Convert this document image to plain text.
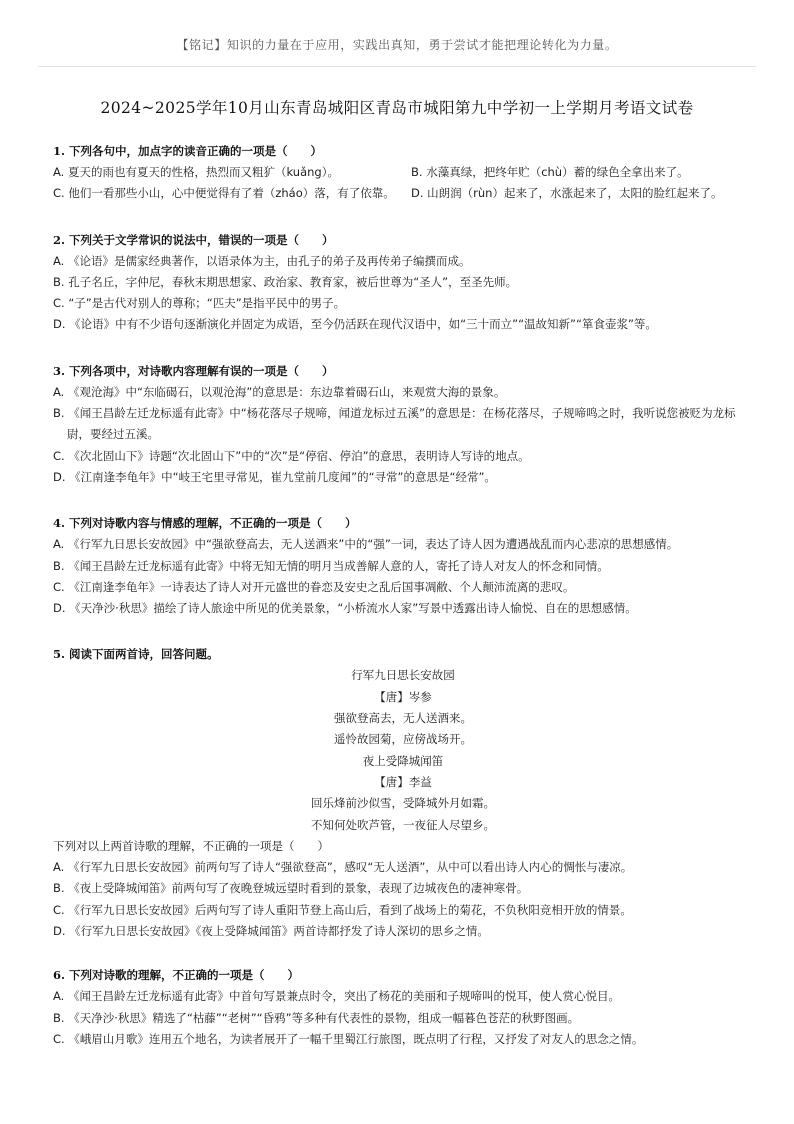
【铭记】知识的力量在于应用，实践出真知，勇于尝试才能把理论转化为力量。
2024~2025学年10月山东青岛城阳区青岛市城阳第九中学初一上学期月考语文试卷
1. 下列各句中，加点字的读音正确的一项是（　　）
A. 夏天的雨也有夏天的性格，热烈而又粗犷（kuǎng）。	B. 水藻真绿，把终年贮（chù）蓄的绿色全拿出来了。
C. 他们一看那些小山，心中便觉得有了着（zháo）落，有了依靠。 D. 山朗润（rùn）起来了，水涨起来了，太阳的脸红起来了。
2. 下列关于文学常识的说法中，错误的一项是（　　）
A. 《论语》是儒家经典著作，以语录体为主，由孔子的弟子及再传弟子编撰而成。
B. 孔子名丘，字仲尼，春秋末期思想家、政治家、教育家，被后世尊为“圣人”，至圣先师。
C. “子”是古代对别人的尊称；“匹夫”是指平民中的男子。
D. 《论语》中有不少语句逐渐演化并固定为成语，至今仍活跃在现代汉语中，如“三十而立”“温故知新”“箪食壶浆”等。
3. 下列各项中，对诗歌内容理解有误的一项是（　　）
A. 《观沧海》中“东临碣石，以观沧海”的意思是：东边靠着碣石山，来观赏大海的景象。
B. 《闻王昌龄左迁龙标遥有此寄》中“杨花落尽子规啼，闻道龙标过五溪”的意思是：在杨花落尽，子规啼鸣之时，我听说您被贬为龙标尉，要经过五溪。
C. 《次北固山下》诗题“次北固山下”中的“次”是“停宿、停泊”的意思，表明诗人写诗的地点。
D. 《江南逢李龟年》中“岐王宅里寻常见，崔九堂前几度闻”的“寻常”的意思是“经常”。
4. 下列对诗歌内容与情感的理解，不正确的一项是（　　）
A. 《行军九日思长安故园》中“强欲登高去，无人送酒来”中的“强”一词，表达了诗人因为遭遇战乱而内心悲凉的思想感情。
B. 《闻王昌龄左迁龙标遥有此寄》中将无知无情的明月当成善解人意的人，寄托了诗人对友人的怀念和同情。
C. 《江南逢李龟年》一诗表达了诗人对开元盛世的眷恋及安史之乱后国事凋敝、个人颠沛流离的悲叹。
D. 《天净沙·秋思》描绘了诗人旅途中所见的优美景象，“小桥流水人家”写景中透露出诗人愉悦、自在的思想感情。
5. 阅读下面两首诗，回答问题。
行军九日思长安故园
【唐】岑参
强欲登高去，无人送酒来。
遥怜故园菊，应傍战场开。
夜上受降城闻笛
【唐】李益
回乐烽前沙似雪，受降城外月如霜。
不知何处吹芦管，一夜征人尽望乡。
下列对以上两首诗歌的理解，不正确的一项是（　　）
A. 《行军九日思长安故园》前两句写了诗人“强欲登高”，感叹“无人送酒”，从中可以看出诗人内心的惆怅与凄凉。
B. 《夜上受降城闻笛》前两句写了夜晚登城远望时看到的景象，表现了边城夜色的凄神寒骨。
C. 《行军九日思长安故园》后两句写了诗人重阳节登上高山后，看到了战场上的菊花，不负秋阳竞相开放的情景。
D. 《行军九日思长安故园》《夜上受降城闻笛》两首诗都抒发了诗人深切的思乡之情。
6. 下列对诗歌的理解，不正确的一项是（　　）
A. 《闻王昌龄左迁龙标遥有此寄》中首句写景兼点时令，突出了杨花的美丽和子规啼叫的悦耳，使人赏心悦目。
B. 《天净沙·秋思》精选了“枯藤”“老树”“昏鸦”等多种有代表性的景物，组成一幅暮色苍茫的秋野图画。
C. 《峨眉山月歌》连用五个地名，为读者展开了一幅千里蜀江行旅图，既点明了行程，又抒发了对友人的思念之情。
